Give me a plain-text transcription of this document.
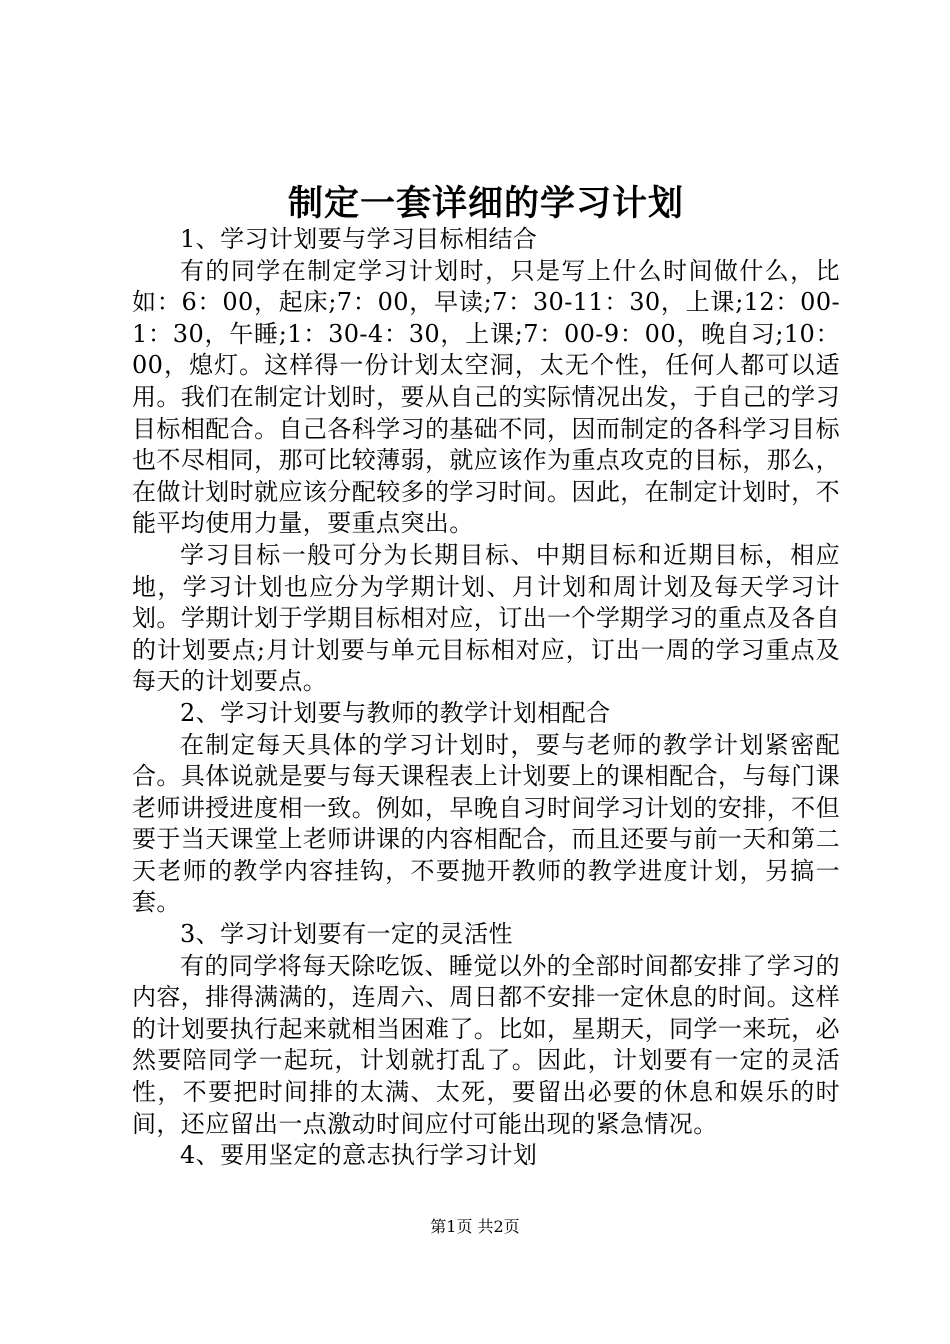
制定一套详细的学习计划

1、学习计划要与学习目标相结合

有的同学在制定学习计划时，只是写上什么时间做什么，比如：6：00，起床;7：00，早读;7：30-11：30，上课;12：00-1：30，午睡;1：30-4：30，上课;7：00-9：00，晚自习;10：00，熄灯。这样得一份计划太空洞，太无个性，任何人都可以适用。我们在制定计划时，要从自己的实际情况出发，于自己的学习目标相配合。自己各科学习的基础不同，因而制定的各科学习目标也不尽相同，那可比较薄弱，就应该作为重点攻克的目标，那么，在做计划时就应该分配较多的学习时间。因此，在制定计划时，不能平均使用力量，要重点突出。

学习目标一般可分为长期目标、中期目标和近期目标，相应地，学习计划也应分为学期计划、月计划和周计划及每天学习计划。学期计划于学期目标相对应，订出一个学期学习的重点及各自的计划要点;月计划要与单元目标相对应，订出一周的学习重点及每天的计划要点。

2、学习计划要与教师的教学计划相配合

在制定每天具体的学习计划时，要与老师的教学计划紧密配合。具体说就是要与每天课程表上计划要上的课相配合，与每门课老师讲授进度相一致。例如，早晚自习时间学习计划的安排，不但要于当天课堂上老师讲课的内容相配合，而且还要与前一天和第二天老师的教学内容挂钩，不要抛开教师的教学进度计划，另搞一套。

3、学习计划要有一定的灵活性

有的同学将每天除吃饭、睡觉以外的全部时间都安排了学习的内容，排得满满的，连周六、周日都不安排一定休息的时间。这样的计划要执行起来就相当困难了。比如，星期天，同学一来玩，必然要陪同学一起玩，计划就打乱了。因此，计划要有一定的灵活性，不要把时间排的太满、太死，要留出必要的休息和娱乐的时间，还应留出一点激动时间应付可能出现的紧急情况。

4、要用坚定的意志执行学习计划

第1页 共2页
